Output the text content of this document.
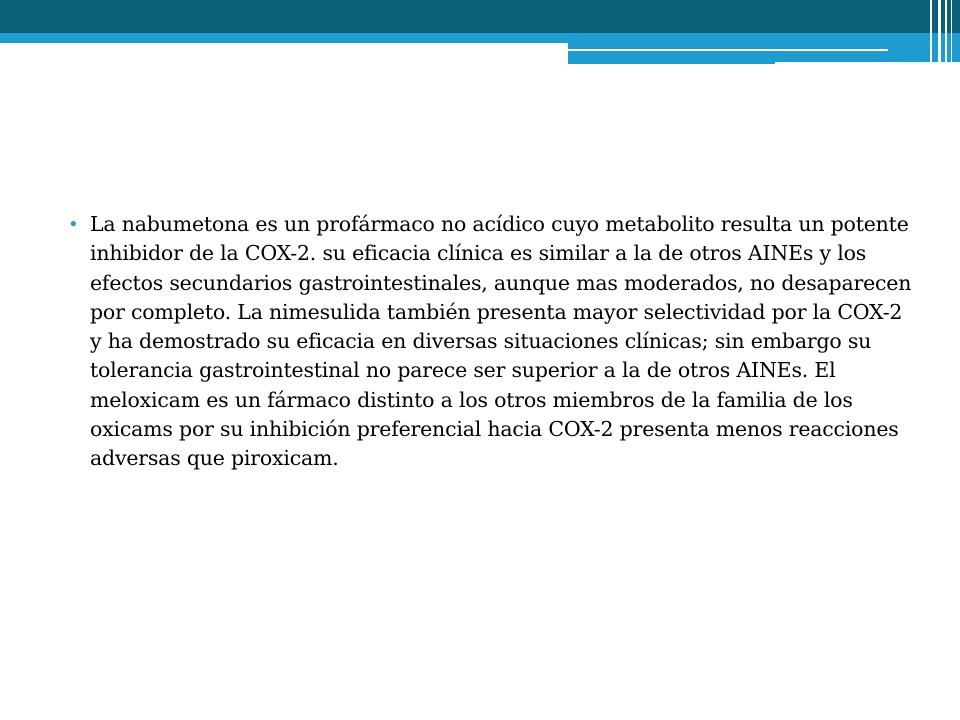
• La nabumetona es un profármaco no acídico cuyo metabolito resulta un potente inhibidor de la COX-2. su eficacia clínica es similar a la de otros AINEs y los efectos secundarios gastrointestinales, aunque mas moderados, no desaparecen por completo. La nimesulida también presenta mayor selectividad por la COX-2 y ha demostrado su eficacia en diversas situaciones clínicas; sin embargo su tolerancia gastrointestinal no parece ser superior a la de otros AINEs. El meloxicam es un fármaco distinto a los otros miembros de la familia de los oxicams por su inhibición preferencial hacia COX-2 presenta menos reacciones adversas que piroxicam.
